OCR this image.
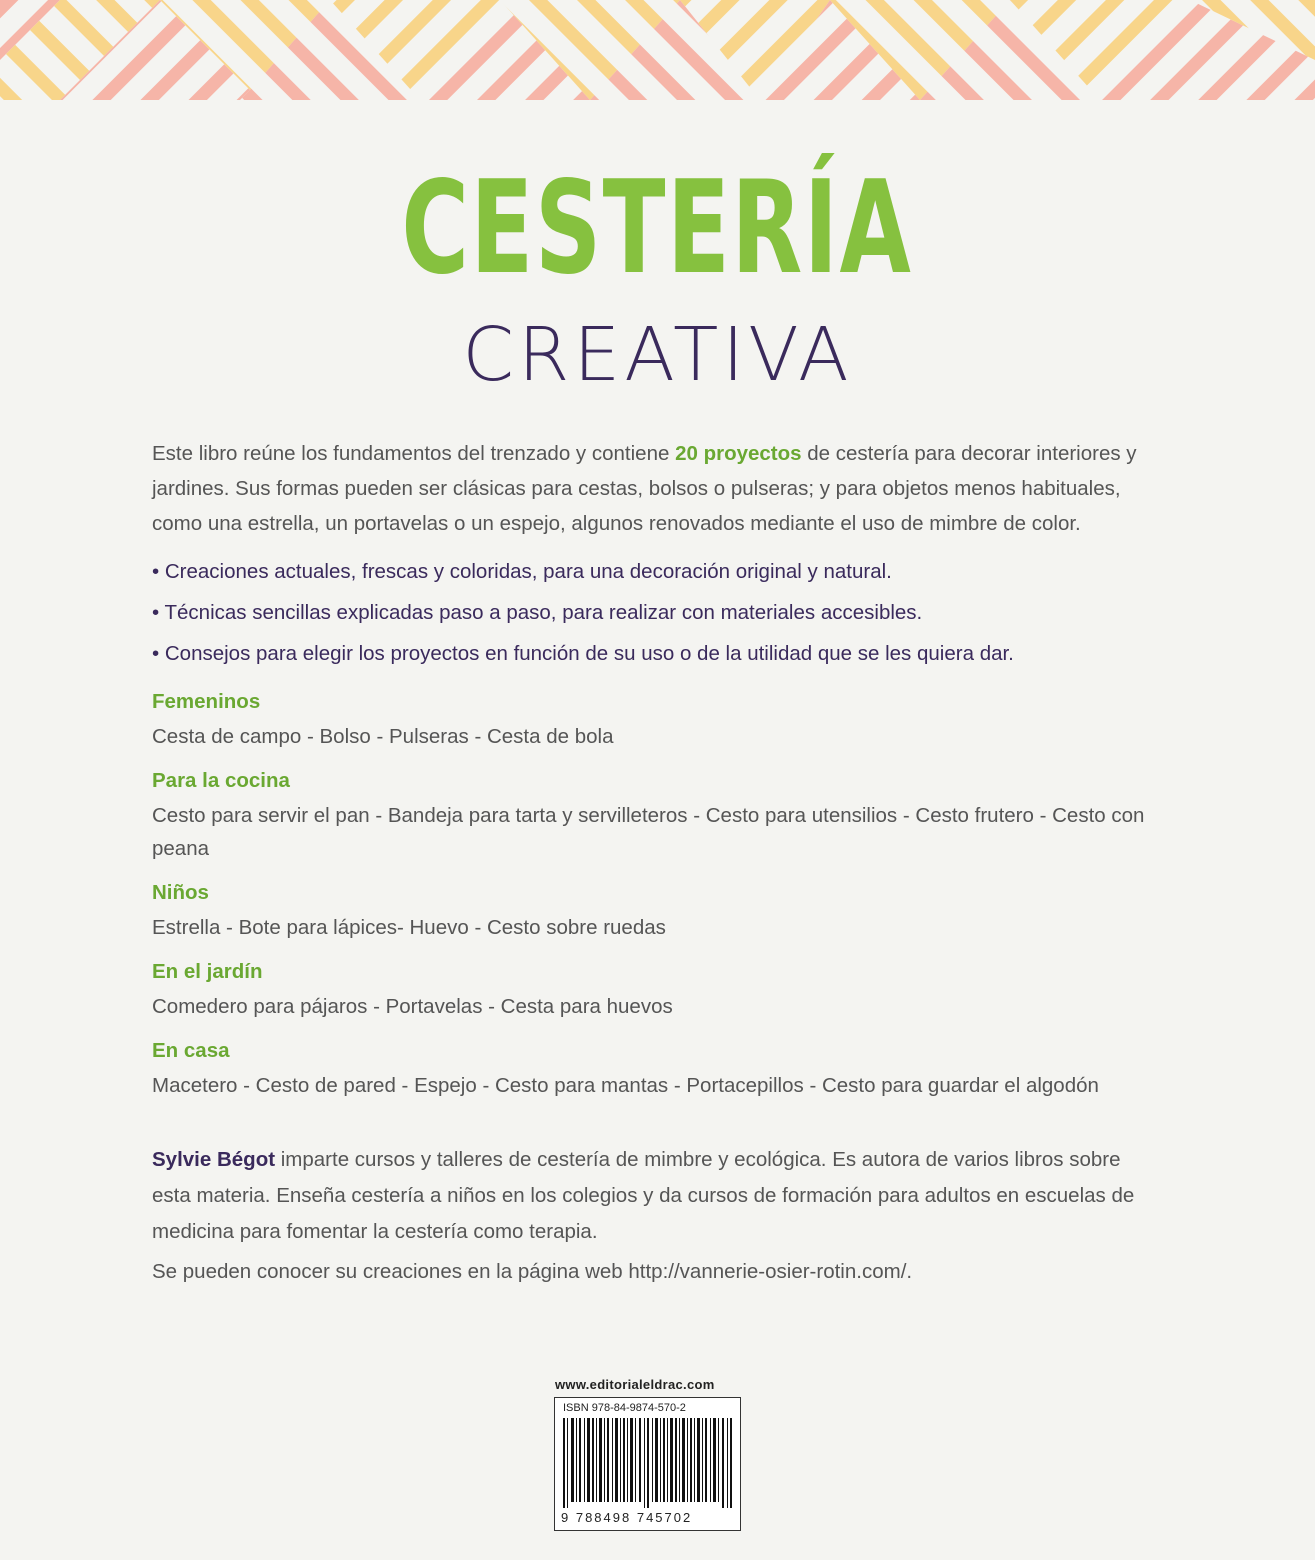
CESTERÍA
CREATIVA

Este libro reúne los fundamentos del trenzado y contiene 20 proyectos de cestería para decorar interiores y jardines. Sus formas pueden ser clásicas para cestas, bolsos o pulseras; y para objetos menos habituales, como una estrella, un portavelas o un espejo, algunos renovados mediante el uso de mimbre de color.

• Creaciones actuales, frescas y coloridas, para una decoración original y natural.
• Técnicas sencillas explicadas paso a paso, para realizar con materiales accesibles.
• Consejos para elegir los proyectos en función de su uso o de la utilidad que se les quiera dar.

Femeninos

Cesta de campo - Bolso - Pulseras - Cesta de bola

Para la cocina

Cesto para servir el pan - Bandeja para tarta y servilleteros - Cesto para utensilios - Cesto frutero - Cesto con peana

Niños

Estrella - Bote para lápices- Huevo - Cesto sobre ruedas

En el jardín

Comedero para pájaros - Portavelas - Cesta para huevos

En casa

Macetero - Cesto de pared - Espejo - Cesto para mantas - Portacepillos - Cesto para guardar el algodón

Sylvie Bégot imparte cursos y talleres de cestería de mimbre y ecológica. Es autora de varios libros sobre esta materia. Enseña cestería a niños en los colegios y da cursos de formación para adultos en escuelas de medicina para fomentar la cestería como terapia.

Se pueden conocer su creaciones en la página web http://vannerie-osier-rotin.com/.

www.editorialeldrac.com
ISBN 978-84-9874-570-2
9 788498 745702
